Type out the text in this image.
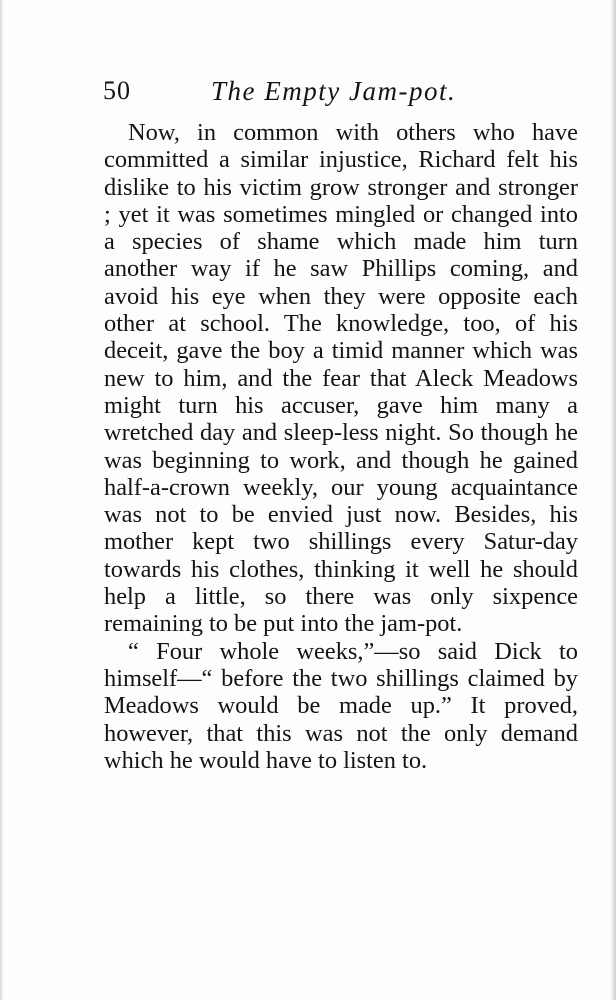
50	The Empty Jam-pot.

Now, in common with others who have committed a similar injustice, Richard felt his dislike to his victim grow stronger and stronger ; yet it was sometimes mingled or changed into a species of shame which made him turn another way if he saw Phillips coming, and avoid his eye when they were opposite each other at school. The knowledge, too, of his deceit, gave the boy a timid manner which was new to him, and the fear that Aleck Meadows might turn his accuser, gave him many a wretched day and sleep-less night. So though he was beginning to work, and though he gained half-a-crown weekly, our young acquaintance was not to be envied just now. Besides, his mother kept two shillings every Satur-day towards his clothes, thinking it well he should help a little, so there was only sixpence remaining to be put into the jam-pot.

“ Four whole weeks,”—so said Dick to himself—“ before the two shillings claimed by Meadows would be made up.” It proved, however, that this was not the only demand which he would have to listen to.
